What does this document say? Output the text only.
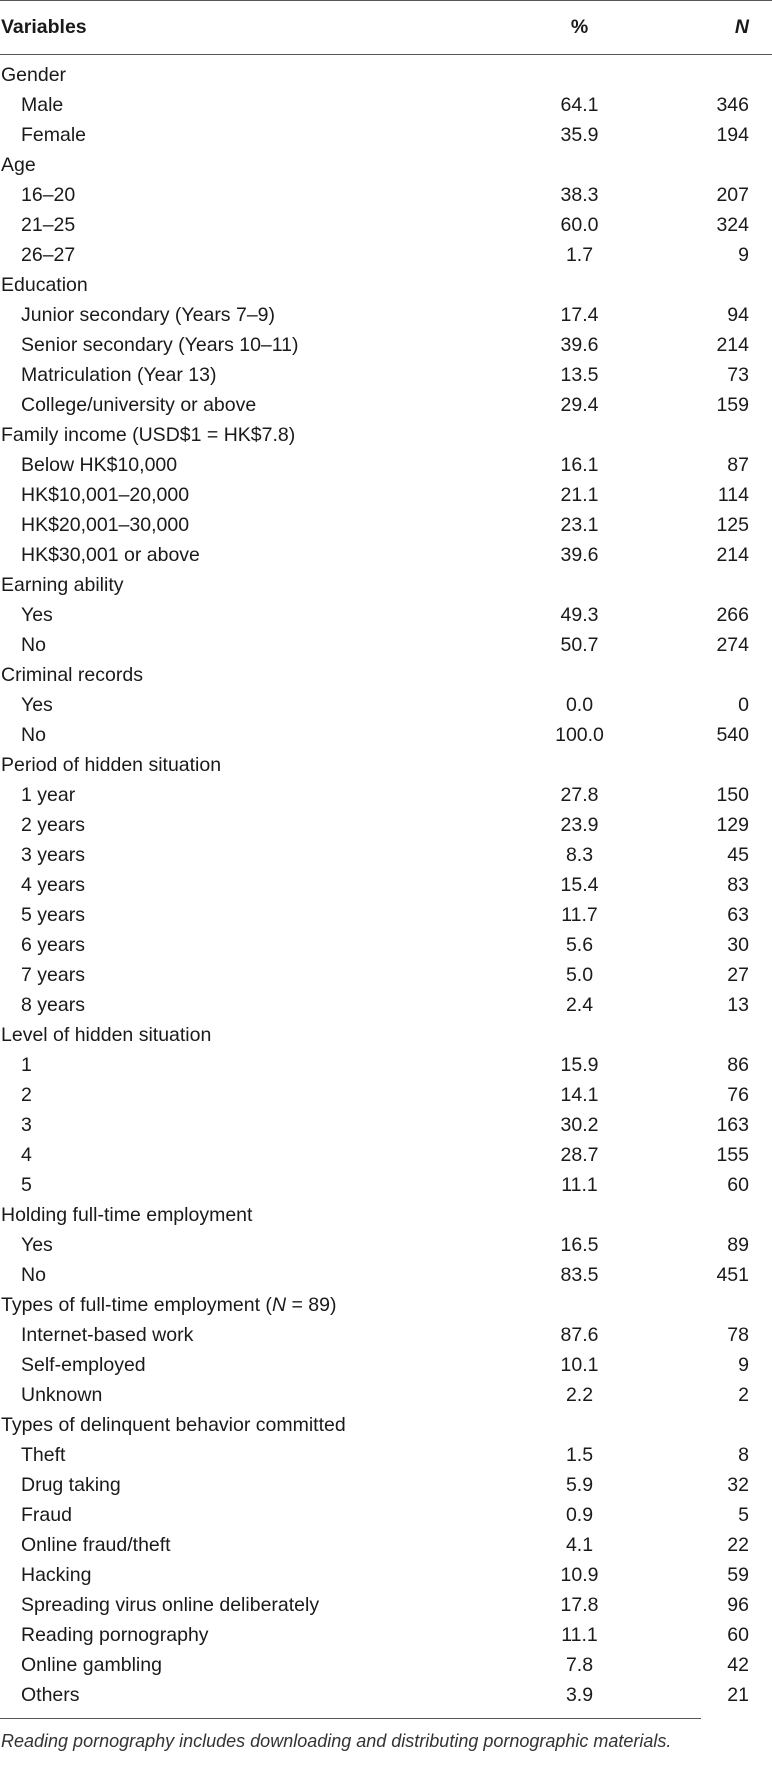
Variables	%	N
Gender		
Male	64.1	346
Female	35.9	194
Age		
16–20	38.3	207
21–25	60.0	324
26–27	1.7	9
Education		
Junior secondary (Years 7–9)	17.4	94
Senior secondary (Years 10–11)	39.6	214
Matriculation (Year 13)	13.5	73
College/university or above	29.4	159
Family income (USD$1 = HK$7.8)		
Below HK$10,000	16.1	87
HK$10,001–20,000	21.1	114
HK$20,001–30,000	23.1	125
HK$30,001 or above	39.6	214
Earning ability		
Yes	49.3	266
No	50.7	274
Criminal records		
Yes	0.0	0
No	100.0	540
Period of hidden situation		
1 year	27.8	150
2 years	23.9	129
3 years	8.3	45
4 years	15.4	83
5 years	11.7	63
6 years	5.6	30
7 years	5.0	27
8 years	2.4	13
Level of hidden situation		
1	15.9	86
2	14.1	76
3	30.2	163
4	28.7	155
5	11.1	60
Holding full-time employment		
Yes	16.5	89
No	83.5	451
Types of full-time employment (N = 89)		
Internet-based work	87.6	78
Self-employed	10.1	9
Unknown	2.2	2
Types of delinquent behavior committed		
Theft	1.5	8
Drug taking	5.9	32
Fraud	0.9	5
Online fraud/theft	4.1	22
Hacking	10.9	59
Spreading virus online deliberately	17.8	96
Reading pornography	11.1	60
Online gambling	7.8	42
Others	3.9	21
Reading pornography includes downloading and distributing pornographic materials.
